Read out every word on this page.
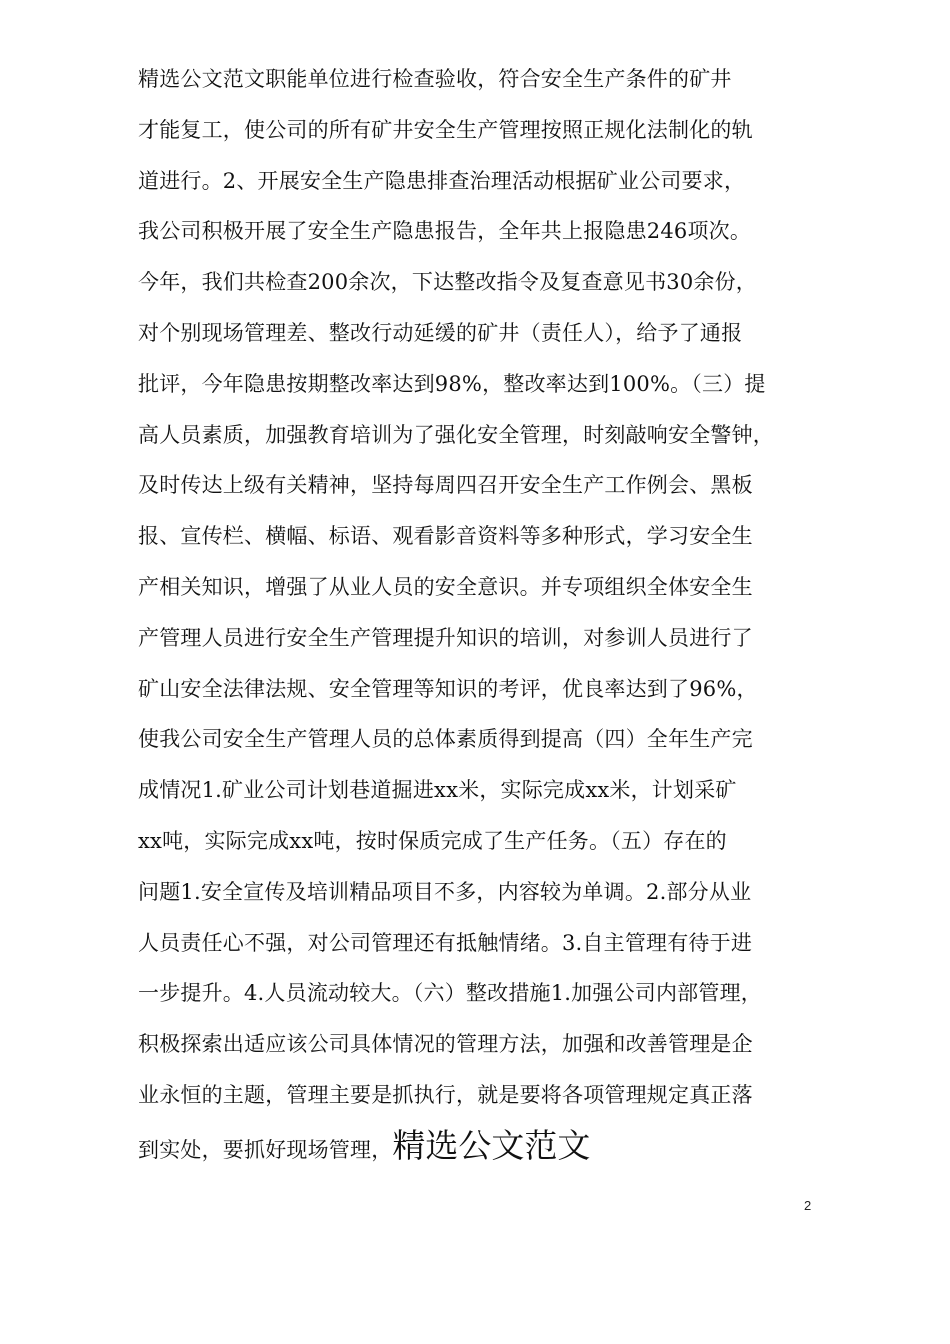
精选公文范文职能单位进行检查验收，符合安全生产条件的矿井
才能复工，使公司的所有矿井安全生产管理按照正规化法制化的轨
道进行。2、开展安全生产隐患排查治理活动根据矿业公司要求，
我公司积极开展了安全生产隐患报告，全年共上报隐患246项次。
今年，我们共检查200余次，下达整改指令及复查意见书30余份，
对个别现场管理差、整改行动延缓的矿井（责任人），给予了通报
批评，今年隐患按期整改率达到98%，整改率达到100%。（三）提
高人员素质，加强教育培训为了强化安全管理，时刻敲响安全警钟，
及时传达上级有关精神，坚持每周四召开安全生产工作例会、黑板
报、宣传栏、横幅、标语、观看影音资料等多种形式，学习安全生
产相关知识，增强了从业人员的安全意识。并专项组织全体安全生
产管理人员进行安全生产管理提升知识的培训，对参训人员进行了
矿山安全法律法规、安全管理等知识的考评，优良率达到了96%，
使我公司安全生产管理人员的总体素质得到提高（四）全年生产完
成情况1.矿业公司计划巷道掘进xx米，实际完成xx米，计划采矿
xx吨，实际完成xx吨，按时保质完成了生产任务。（五）存在的
问题1.安全宣传及培训精品项目不多，内容较为单调。2.部分从业
人员责任心不强，对公司管理还有抵触情绪。3.自主管理有待于进
一步提升。4.人员流动较大。（六）整改措施1.加强公司内部管理，
积极探索出适应该公司具体情况的管理方法，加强和改善管理是企
业永恒的主题，管理主要是抓执行，就是要将各项管理规定真正落
到实处，要抓好现场管理，精选公文范文
2
